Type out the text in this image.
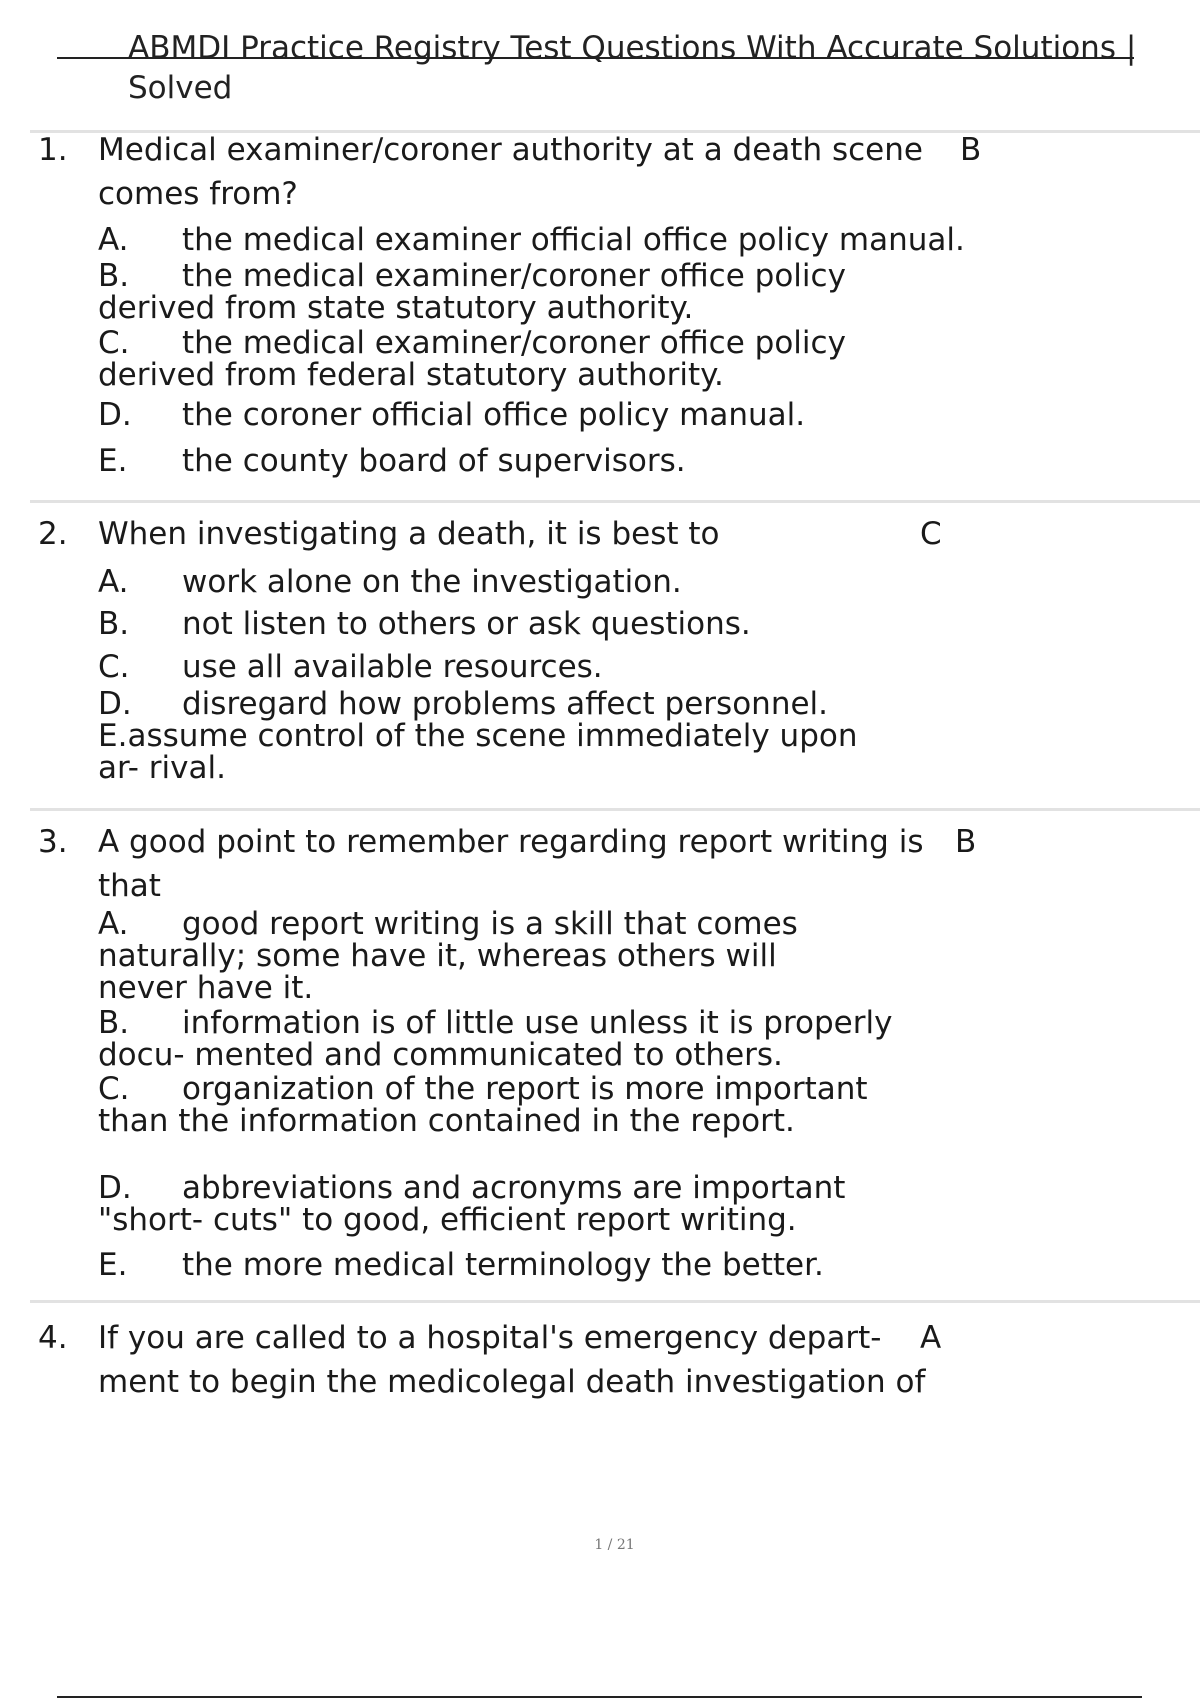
ABMDI Practice Registry Test Questions With Accurate Solutions | Solved
1. Medical examiner/coroner authority at a death scene comes from?
B
A. the medical examiner official office policy manual.
B. the medical examiner/coroner office policy derived from state statutory authority.
C. the medical examiner/coroner office policy derived from federal statutory authority.
D. the coroner official office policy manual.
E. the county board of supervisors.
2. When investigating a death, it is best to	C
A. work alone on the investigation.
B. not listen to others or ask questions.
C. use all available resources.
D. disregard how problems affect personnel.
E.assume control of the scene immediately upon ar- rival.
3. A good point to remember regarding report writing is that
B
A. good report writing is a skill that comes naturally; some have it, whereas others will never have it.
B. information is of little use unless it is properly docu- mented and communicated to others.
C. organization of the report is more important than the information contained in the report.
D. abbreviations and acronyms are important "short- cuts" to good, efficient report writing.
E. the more medical terminology the better.
4. If you are called to a hospital's emergency depart- ment to begin the medicolegal death investigation of
A
1 / 21
